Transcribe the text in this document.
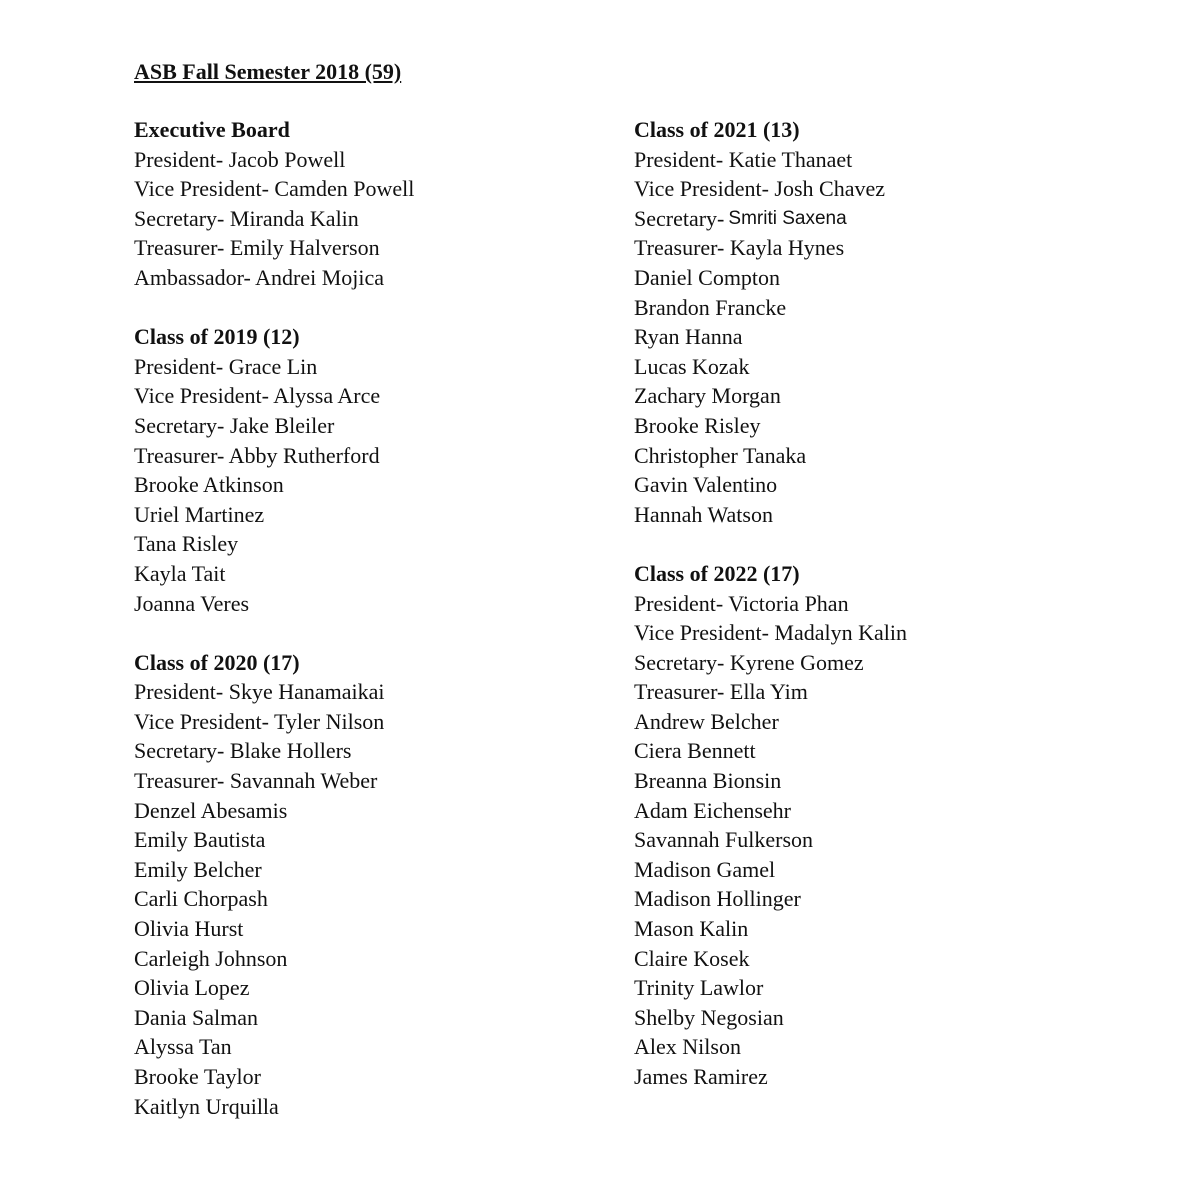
ASB Fall Semester 2018 (59)
Executive Board
President- Jacob Powell
Vice President- Camden Powell
Secretary- Miranda Kalin
Treasurer- Emily Halverson
Ambassador- Andrei Mojica
Class of 2019 (12)
President- Grace Lin
Vice President- Alyssa Arce
Secretary- Jake Bleiler
Treasurer- Abby Rutherford
Brooke Atkinson
Uriel Martinez
Tana Risley
Kayla Tait
Joanna Veres
Class of 2020 (17)
President- Skye Hanamaikai
Vice President- Tyler Nilson
Secretary- Blake Hollers
Treasurer- Savannah Weber
Denzel Abesamis
Emily Bautista
Emily Belcher
Carli Chorpash
Olivia Hurst
Carleigh Johnson
Olivia Lopez
Dania Salman
Alyssa Tan
Brooke Taylor
Kaitlyn Urquilla
Class of 2021 (13)
President- Katie Thanaet
Vice President- Josh Chavez
Secretary- Smriti Saxena
Treasurer- Kayla Hynes
Daniel Compton
Brandon Francke
Ryan Hanna
Lucas Kozak
Zachary Morgan
Brooke Risley
Christopher Tanaka
Gavin Valentino
Hannah Watson
Class of 2022 (17)
President- Victoria Phan
Vice President- Madalyn Kalin
Secretary- Kyrene Gomez
Treasurer- Ella Yim
Andrew Belcher
Ciera Bennett
Breanna Bionsin
Adam Eichensehr
Savannah Fulkerson
Madison Gamel
Madison Hollinger
Mason Kalin
Claire Kosek
Trinity Lawlor
Shelby Negosian
Alex Nilson
James Ramirez
